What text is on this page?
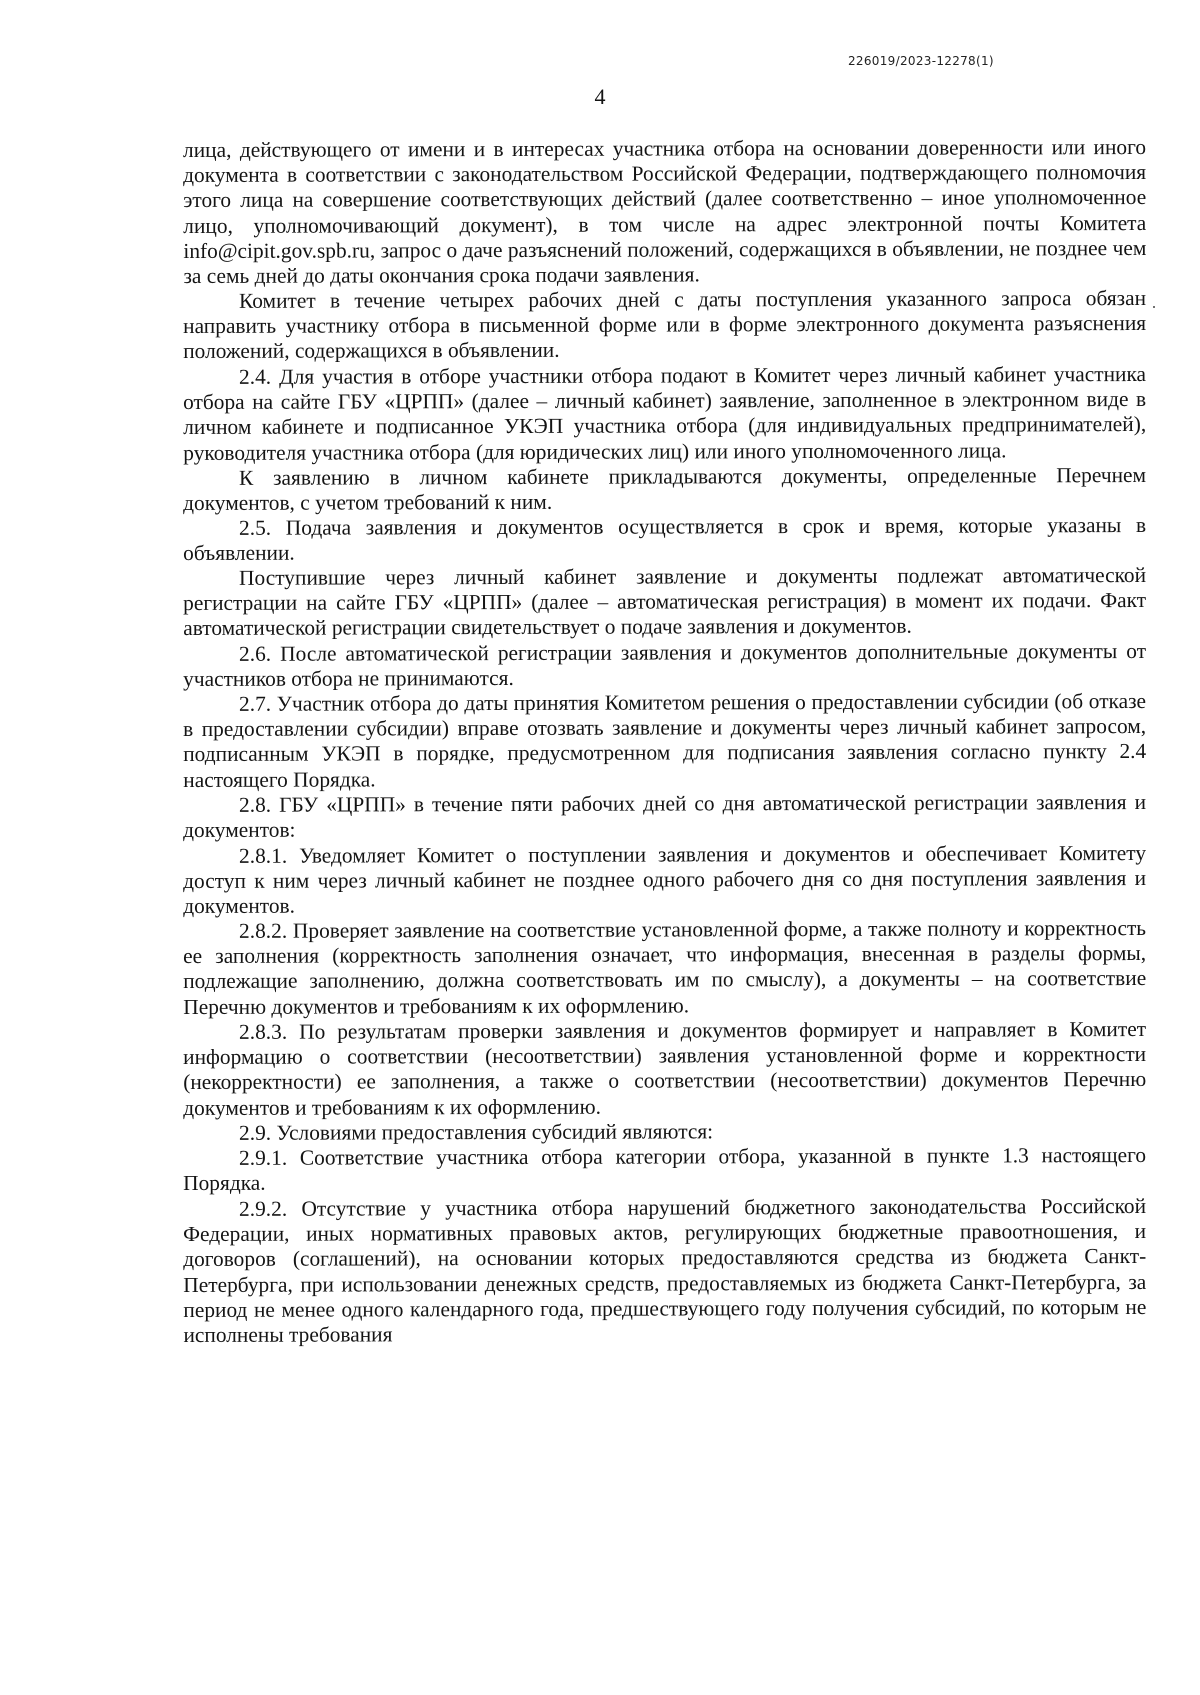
226019/2023-12278(1)
4

лица, действующего от имени и в интересах участника отбора на основании доверенности или иного документа в соответствии с законодательством Российской Федерации, подтверждающего полномочия этого лица на совершение соответствующих действий (далее соответственно – иное уполномоченное лицо, уполномочивающий документ), в том числе на адрес электронной почты Комитета info@cipit.gov.spb.ru, запрос о даче разъяснений положений, содержащихся в объявлении, не позднее чем за семь дней до даты окончания срока подачи заявления.

Комитет в течение четырех рабочих дней с даты поступления указанного запроса обязан направить участнику отбора в письменной форме или в форме электронного документа разъяснения положений, содержащихся в объявлении.

2.4. Для участия в отборе участники отбора подают в Комитет через личный кабинет участника отбора на сайте ГБУ «ЦРПП» (далее – личный кабинет) заявление, заполненное в электронном виде в личном кабинете и подписанное УКЭП участника отбора (для индивидуальных предпринимателей), руководителя участника отбора (для юридических лиц) или иного уполномоченного лица.

К заявлению в личном кабинете прикладываются документы, определенные Перечнем документов, с учетом требований к ним.

2.5. Подача заявления и документов осуществляется в срок и время, которые указаны в объявлении.

Поступившие через личный кабинет заявление и документы подлежат автоматической регистрации на сайте ГБУ «ЦРПП» (далее – автоматическая регистрация) в момент их подачи. Факт автоматической регистрации свидетельствует о подаче заявления и документов.

2.6. После автоматической регистрации заявления и документов дополнительные документы от участников отбора не принимаются.

2.7. Участник отбора до даты принятия Комитетом решения о предоставлении субсидии (об отказе в предоставлении субсидии) вправе отозвать заявление и документы через личный кабинет запросом, подписанным УКЭП в порядке, предусмотренном для подписания заявления согласно пункту 2.4 настоящего Порядка.

2.8. ГБУ «ЦРПП» в течение пяти рабочих дней со дня автоматической регистрации заявления и документов:

2.8.1. Уведомляет Комитет о поступлении заявления и документов и обеспечивает Комитету доступ к ним через личный кабинет не позднее одного рабочего дня со дня поступления заявления и документов.

2.8.2. Проверяет заявление на соответствие установленной форме, а также полноту и корректность ее заполнения (корректность заполнения означает, что информация, внесенная в разделы формы, подлежащие заполнению, должна соответствовать им по смыслу), а документы – на соответствие Перечню документов и требованиям к их оформлению.

2.8.3. По результатам проверки заявления и документов формирует и направляет в Комитет информацию о соответствии (несоответствии) заявления установленной форме и корректности (некорректности) ее заполнения, а также о соответствии (несоответствии) документов Перечню документов и требованиям к их оформлению.

2.9. Условиями предоставления субсидий являются:

2.9.1. Соответствие участника отбора категории отбора, указанной в пункте 1.3 настоящего Порядка.

2.9.2. Отсутствие у участника отбора нарушений бюджетного законодательства Российской Федерации, иных нормативных правовых актов, регулирующих бюджетные правоотношения, и договоров (соглашений), на основании которых предоставляются средства из бюджета Санкт-Петербурга, при использовании денежных средств, предоставляемых из бюджета Санкт-Петербурга, за период не менее одного календарного года, предшествующего году получения субсидий, по которым не исполнены требования
